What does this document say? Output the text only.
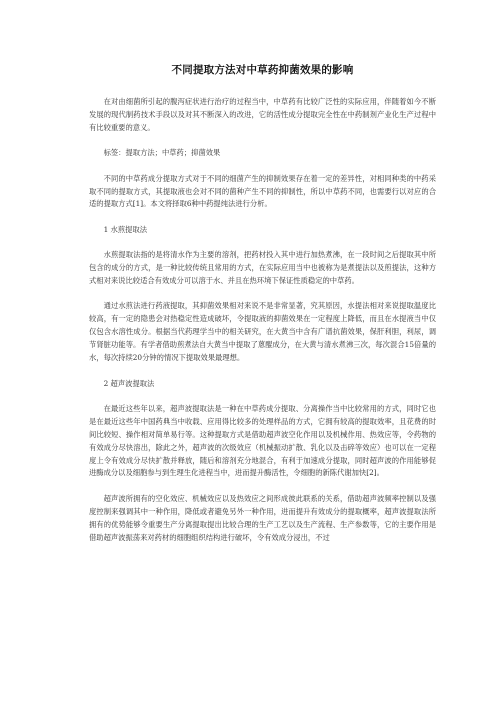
不同提取方法对中草药抑菌效果的影响

在对由细菌所引起的腹泻症状进行治疗的过程当中，中草药有比较广泛性的实际应用，伴随着如今不断发展的现代制药技术手段以及对其不断深入的改进，它的活性成分提取完全性在中药制剂产业化生产过程中有比较重要的意义。

标签：提取方法；中草药；抑菌效果

不同的中草药成分提取方式对于不同的细菌产生的抑制效果存在着一定的差异性，对相同种类的中药采取不同的提取方式，其提取液也会对不同的菌种产生不同的抑制性，所以中草药不同，也需要行以对应的合适的提取方式[1]。本文将择取6种中药提纯法进行分析。

1 水煎提取法

水煎提取法指的是将清水作为主要的溶剂，把药材投入其中进行加热煮沸，在一段时间之后提取其中所包含的成分的方式，是一种比较传统且常用的方式，在实际应用当中也被称为是煮提法以及煎提法，这种方式相对来说比较适合有效成分可以溶于水、并且在热环境下保证性质稳定的中草药。

通过水煎法进行药液提取，其抑菌效果相对来说不是非常显著，究其原因，水提法相对来说提取温度比较高，有一定的隐患会对热稳定性造成破坏，令提取液的抑菌效果在一定程度上降低，而且在水提液当中仅仅包含水溶性成分。根据当代药理学当中的相关研究，在大黄当中含有广谱抗菌效果，保肝利胆，利尿，调节肾脏功能等。有学者借助煎煮法自大黄当中提取了蒽醌成分，在大黄与清水煮沸三次，每次混合15倍量的水，每次持续20分钟的情况下提取效果最理想。

2 超声波提取法

在最近这些年以来，超声波提取法是一种在中草药成分提取、分离操作当中比较常用的方式，同时它也是在最近这些年中国药典当中收载、应用得比较多的处理样品的方式，它拥有较高的提取效率，且花费的时间比较短、操作相对简单易行等。这种提取方式是借助超声波空化作用以及机械作用、热效应等，令药物的有效成分尽快溶出，除此之外，超声波的次级效应（机械振动扩散、乳化以及击碎等效应）也可以在一定程度上令有效成分尽快扩散并释放，随后和溶剂充分地混合，有利于加速成分提取，同时超声波的作用能够促进酶成分以及细胞参与到生理生化进程当中，进而提升酶活性，令细胞的新陈代谢加快[2]。

超声波所拥有的空化效应、机械效应以及热效应之间形成彼此联系的关系，借助超声波频率控制以及强度控制来强调其中一种作用，降低或者避免另外一种作用，进而提升有效成分的提取概率，超声波提取法所拥有的优势能够令重要生产分离提取提出比较合理的生产工艺以及生产流程、生产参数等，它的主要作用是借助超声波振荡来对药材的细胞组织结构进行破坏，令有效成分浸出，不过
